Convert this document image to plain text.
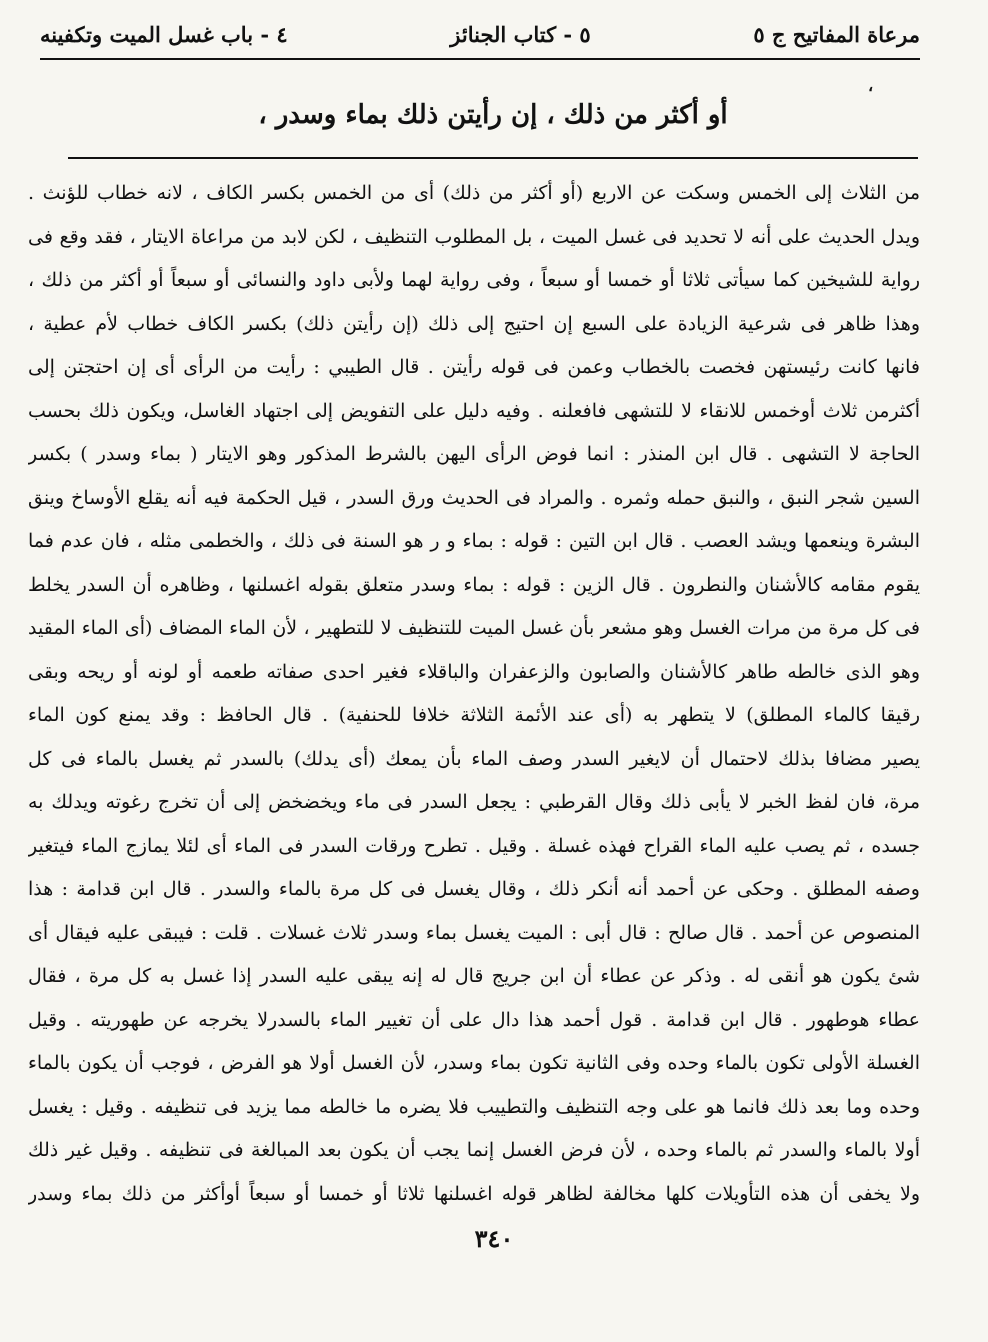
مرعاة المفاتيح ج ٥
٥ - كتاب الجنائز
٤ - باب غسل الميت وتكفينه
،
أو أكثر من ذلك ، إن رأيتن ذلك بماء وسدر ،
من الثلاث إلى الخمس وسكت عن الاربع (أو أكثر من ذلك) أى من الخمس بكسر الكاف ، لانه خطاب للؤنث .
ويدل الحديث على أنه لا تحديد فى غسل الميت ، بل المطلوب التنظيف ، لكن لابد من مراعاة الايتار ، فقد وقع فى
رواية للشيخين كما سيأتى ثلاثا أو خمسا أو سبعاً ، وفى رواية لهما ولأبى داود والنسائى أو سبعاً أو أكثر من ذلك ،
وهذا ظاهر فى شرعية الزيادة على السبع إن احتيج إلى ذلك (إن رأيتن ذلك) بكسر الكاف خطاب لأم عطية ،
فانها كانت رئيستهن فخصت بالخطاب وعمن فى قوله رأيتن . قال الطيبي : رأيت من الرأى أى إن احتجتن إلى
أكثرمن ثلاث أوخمس للانقاء لا للتشهى فافعلنه . وفيه دليل على التفويض إلى اجتهاد الغاسل، ويكون ذلك بحسب
الحاجة لا التشهى . قال ابن المنذر : انما فوض الرأى اليهن بالشرط المذكور وهو الايتار ( بماء وسدر ) بكسر
السين شجر النبق ، والنبق حمله وثمره . والمراد فى الحديث ورق السدر ، قيل الحكمة فيه أنه يقلع الأوساخ وينق
البشرة وينعمها ويشد العصب . قال ابن التين : قوله : بماء و ر هو السنة فى ذلك ، والخطمى مثله ، فان عدم فما
يقوم مقامه كالأشنان والنطرون . قال الزين : قوله : بماء وسدر متعلق بقوله اغسلنها ، وظاهره أن السدر يخلط
فى كل مرة من مرات الغسل وهو مشعر بأن غسل الميت للتنظيف لا للتطهير ، لأن الماء المضاف (أى الماء المقيد
وهو الذى خالطه طاهر كالأشنان والصابون والزعفران والباقلاء فغير احدى صفاته طعمه أو لونه أو ريحه وبقى
رقيقا كالماء المطلق) لا يتطهر به (أى عند الأئمة الثلاثة خلافا للحنفية) . قال الحافظ : وقد يمنع كون الماء
يصير مضافا بذلك لاحتمال أن لايغير السدر وصف الماء بأن يمعك (أى يدلك) بالسدر ثم يغسل بالماء فى كل
مرة، فان لفظ الخبر لا يأبى ذلك وقال القرطبي : يجعل السدر فى ماء ويخضخض إلى أن تخرج رغوته ويدلك به
جسده ، ثم يصب عليه الماء القراح فهذه غسلة . وقيل . تطرح ورقات السدر فى الماء أى لئلا يمازج الماء فيتغير
وصفه المطلق . وحكى عن أحمد أنه أنكر ذلك ، وقال يغسل فى كل مرة بالماء والسدر . قال ابن قدامة : هذا
المنصوص عن أحمد . قال صالح : قال أبى : الميت يغسل بماء وسدر ثلاث غسلات . قلت : فيبقى عليه فيقال أى
شئ يكون هو أنقى له . وذكر عن عطاء أن ابن جريج قال له إنه يبقى عليه السدر إذا غسل به كل مرة ، فقال
عطاء هوطهور . قال ابن قدامة . قول أحمد هذا دال على أن تغيير الماء بالسدرلا يخرجه عن طهوريته . وقيل
الغسلة الأولى تكون بالماء وحده وفى الثانية تكون بماء وسدر، لأن الغسل أولا هو الفرض ، فوجب أن يكون بالماء
وحده وما بعد ذلك فانما هو على وجه التنظيف والتطييب فلا يضره ما خالطه مما يزيد فى تنظيفه . وقيل : يغسل
أولا بالماء والسدر ثم بالماء وحده ، لأن فرض الغسل إنما يجب أن يكون بعد المبالغة فى تنظيفه . وقيل غير ذلك
ولا يخفى أن هذه التأويلات كلها مخالفة لظاهر قوله اغسلنها ثلاثا أو خمسا أو سبعاً أوأكثر من ذلك بماء وسدر
٣٤٠
